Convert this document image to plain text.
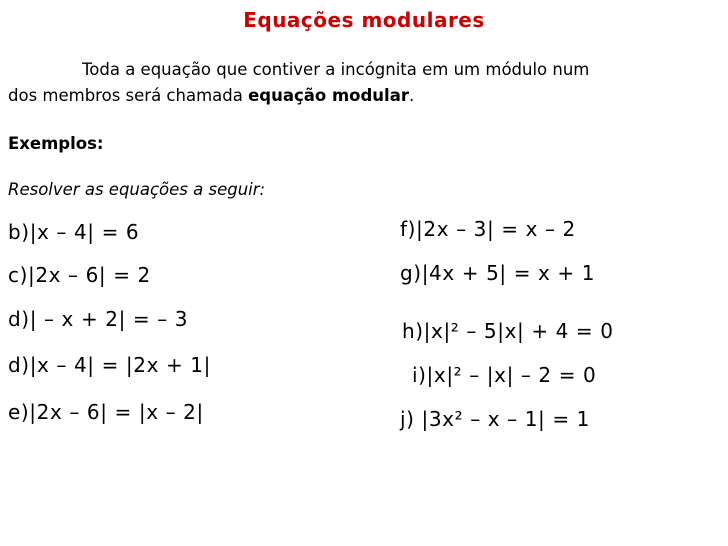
Equações modulares
Toda a equação que contiver a incógnita em um módulo num
dos membros será chamada equação modular.
Exemplos:
Resolver as equações a seguir:
b)|x – 4| = 6
c)|2x – 6| = 2
d)| – x + 2| = – 3
d)|x – 4| = |2x + 1|
e)|2x – 6| = |x – 2|
f)|2x – 3| = x – 2
g)|4x + 5| = x + 1
h)|x|² – 5|x| + 4 = 0
i)|x|² – |x| – 2 = 0
j) |3x² – x – 1| = 1
